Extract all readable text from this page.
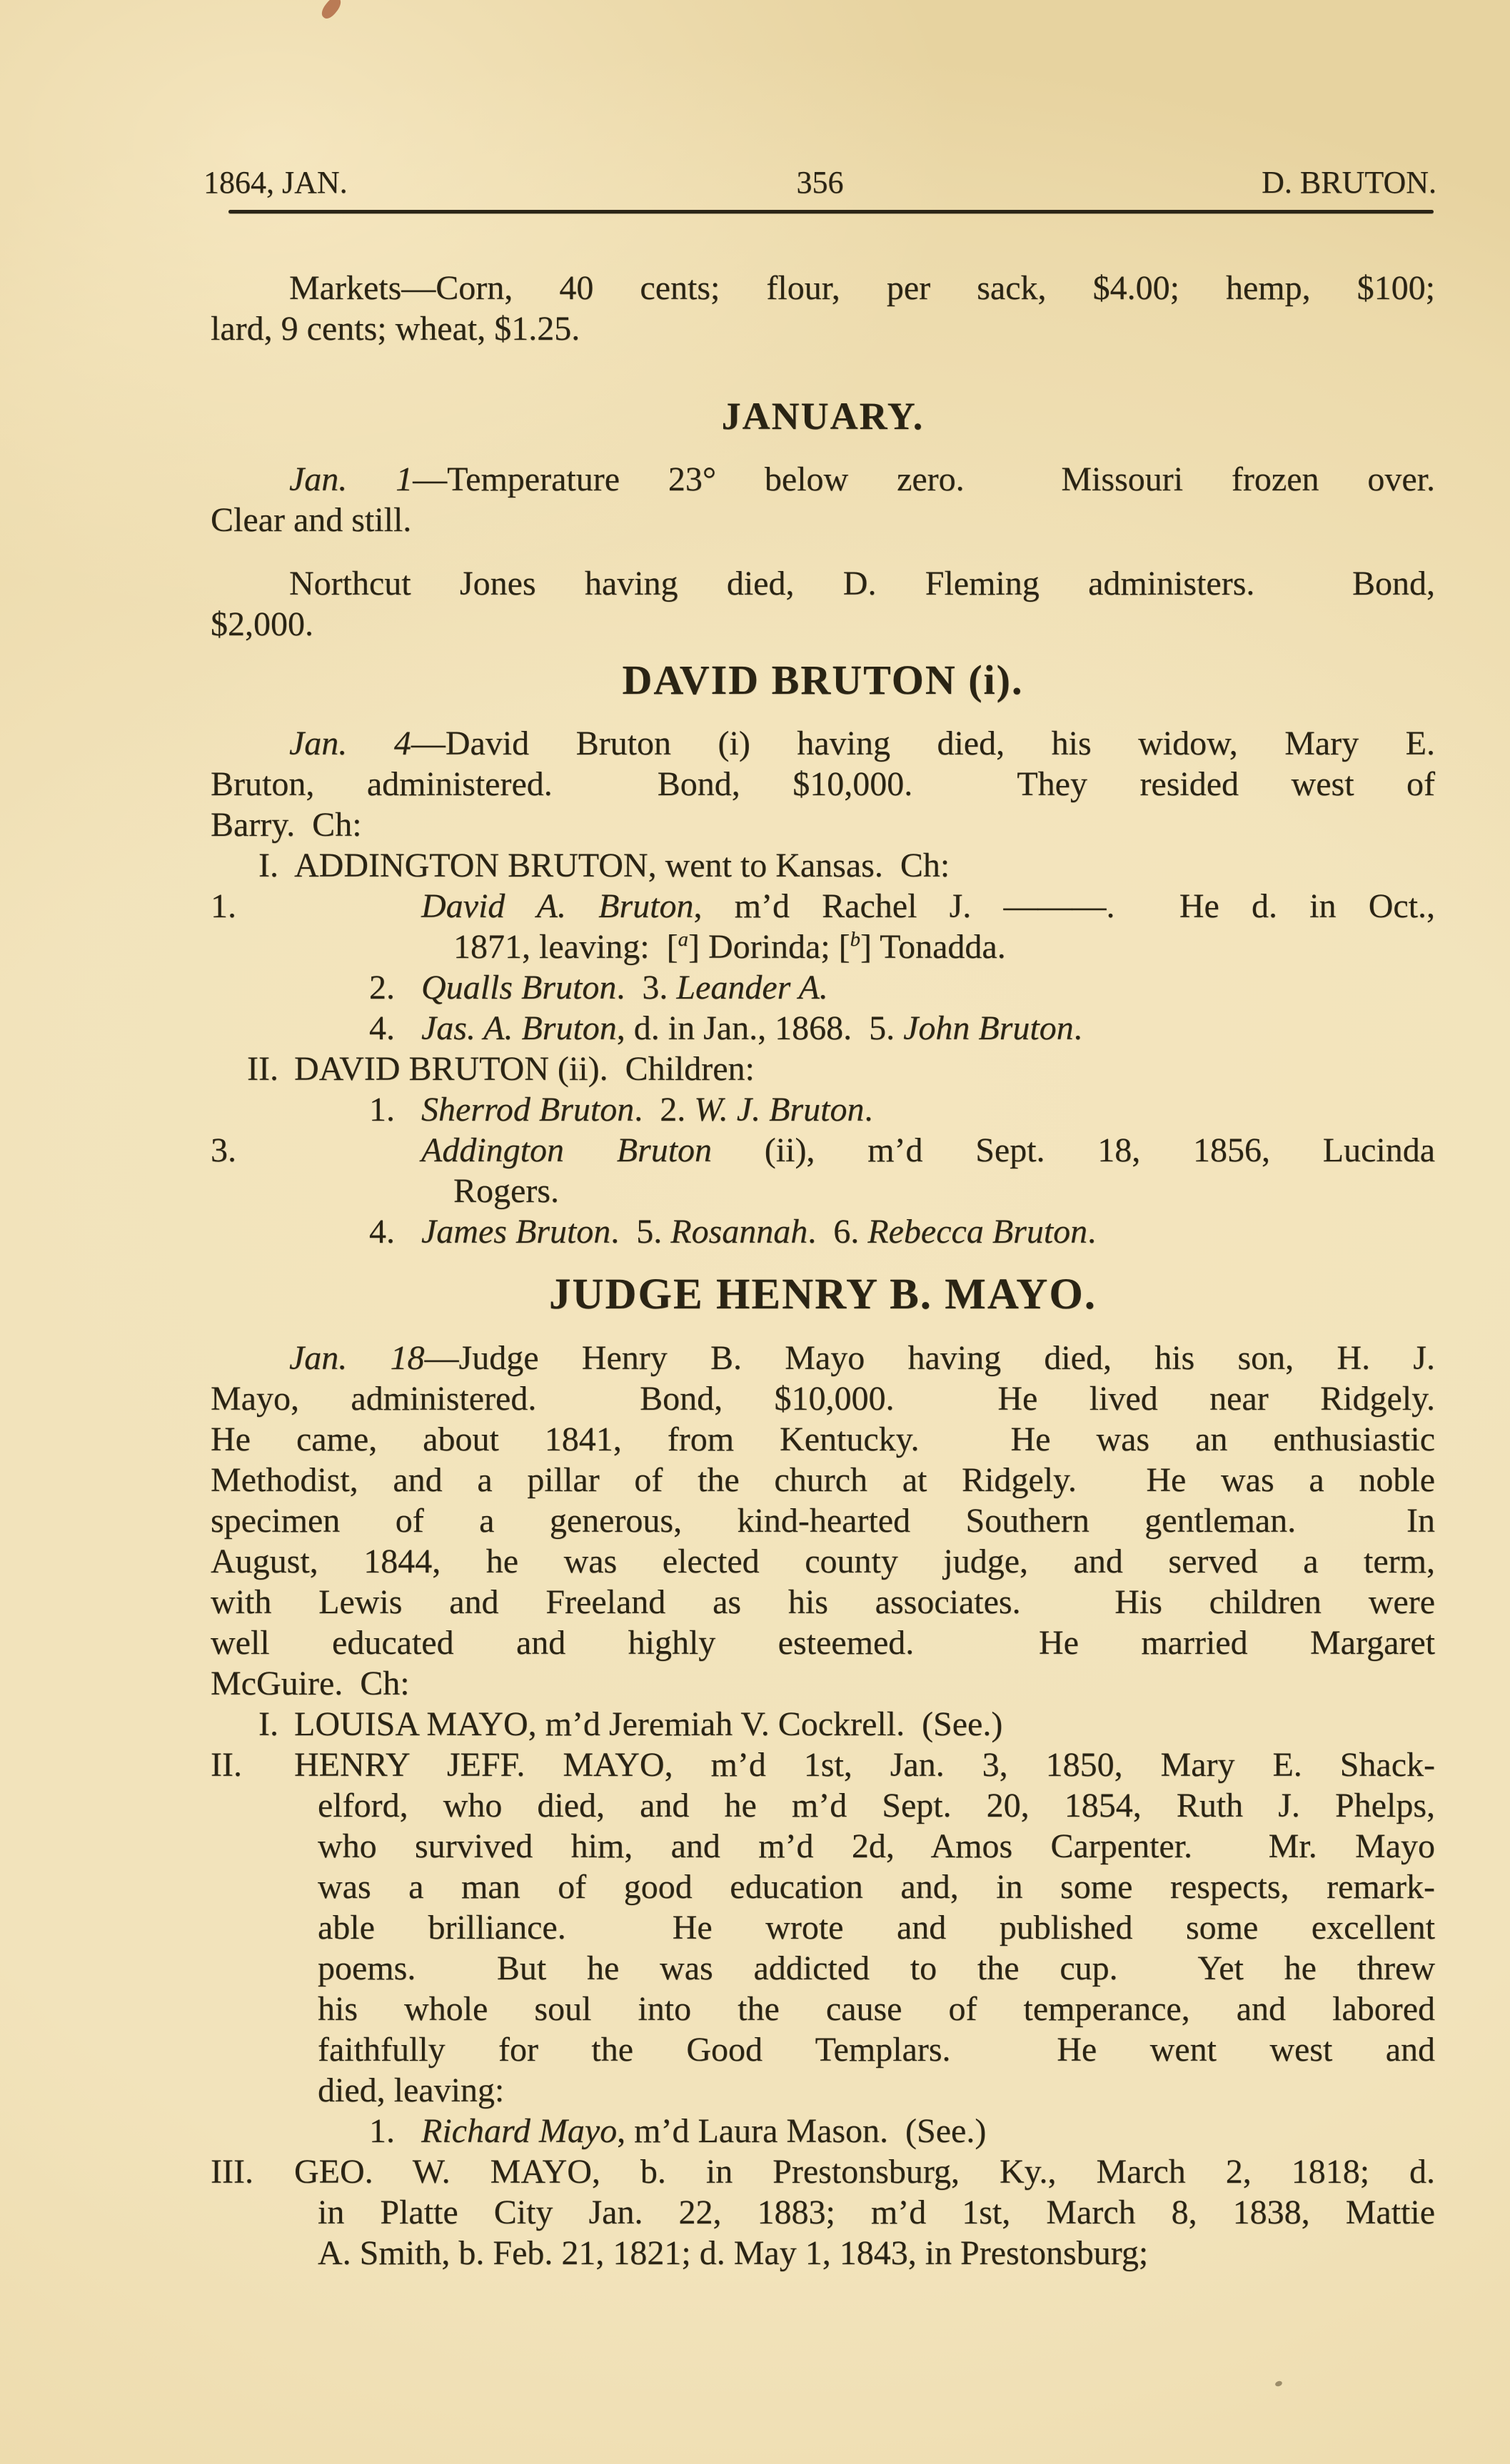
1864, JAN.	356	D. BRUTON.
Markets—Corn, 40 cents; flour, per sack, $4.00; hemp, $100;
lard, 9 cents; wheat, $1.25.
JANUARY.
Jan. 1—Temperature 23° below zero.  Missouri frozen over.
Clear and still.
Northcut Jones having died, D. Fleming administers.  Bond,
$2,000.
DAVID BRUTON (i).
Jan. 4—David Bruton (i) having died, his widow, Mary E.
Bruton, administered.  Bond, $10,000.  They resided west of
Barry.  Ch:
I. ADDINGTON BRUTON, went to Kansas.  Ch:
1.	David A. Bruton, m’d Rachel J. ———.  He d. in Oct.,
1871, leaving:  [$^a$] Dorinda; [$^b$] Tonadda.
2. Qualls Bruton.  3. Leander A.
4. Jas. A. Bruton, d. in Jan., 1868.  5. John Bruton.
II. DAVID BRUTON (ii).  Children:
1. Sherrod Bruton.  2. W. J. Bruton.
3.	Addington Bruton (ii), m’d Sept. 18, 1856, Lucinda
Rogers.
4. James Bruton.  5. Rosannah.  6. Rebecca Bruton.
JUDGE HENRY B. MAYO.
Jan. 18—Judge Henry B. Mayo having died, his son, H. J.
Mayo, administered.  Bond, $10,000.  He lived near Ridgely.
He came, about 1841, from Kentucky.  He was an enthusiastic
Methodist, and a pillar of the church at Ridgely.  He was a noble
specimen of a generous, kind-hearted Southern gentleman.  In
August, 1844, he was elected county judge, and served a term,
with Lewis and Freeland as his associates.  His children were
well educated and highly esteemed.  He married Margaret
McGuire.  Ch:
I. LOUISA MAYO, m’d Jeremiah V. Cockrell.  (See.)
II. HENRY JEFF. MAYO, m’d 1st, Jan. 3, 1850, Mary E. Shack-
elford, who died, and he m’d Sept. 20, 1854, Ruth J. Phelps,
who survived him, and m’d 2d, Amos Carpenter.  Mr. Mayo
was a man of good education and, in some respects, remark-
able brilliance.  He wrote and published some excellent
poems.  But he was addicted to the cup.  Yet he threw
his whole soul into the cause of temperance, and labored
faithfully for the Good Templars.  He went west and
died, leaving:
1. Richard Mayo, m’d Laura Mason.  (See.)
III. GEO. W. MAYO, b. in Prestonsburg, Ky., March 2, 1818; d.
in Platte City Jan. 22, 1883; m’d 1st, March 8, 1838, Mattie
A. Smith, b. Feb. 21, 1821; d. May 1, 1843, in Prestonsburg;
